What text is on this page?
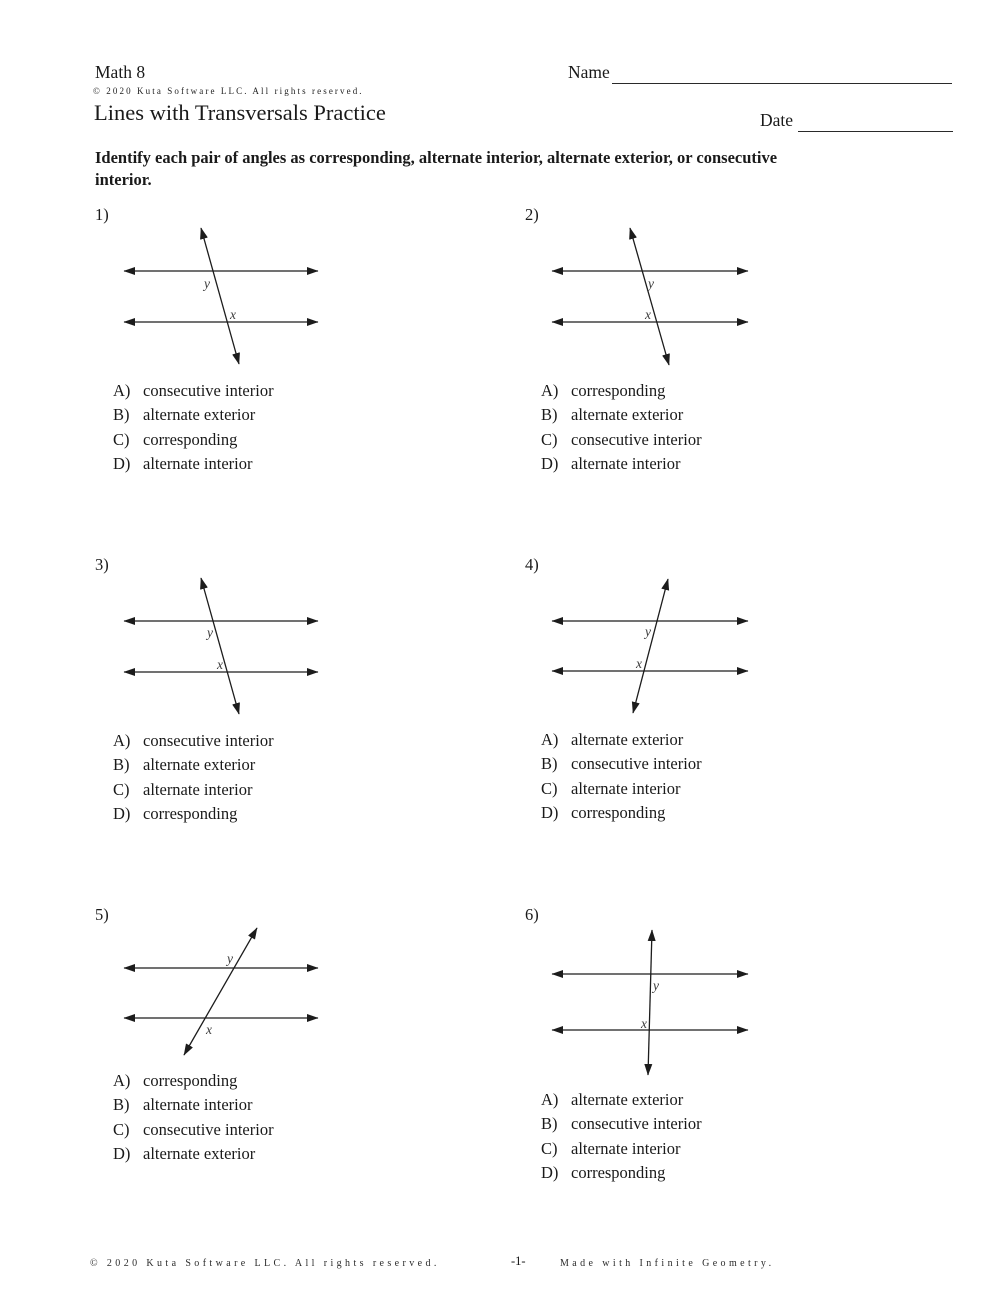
Math 8
© 2020 Kuta Software LLC. All rights reserved.
Name
Lines with Transversals Practice	Date
Identify each pair of angles as corresponding, alternate interior, alternate exterior, or consecutive interior.
1)
y
x
A) consecutive interior
B) alternate exterior
C) corresponding
D) alternate interior
2)
y
x
A) corresponding
B) alternate exterior
C) consecutive interior
D) alternate interior
3)
y
x
A) consecutive interior
B) alternate exterior
C) alternate interior
D) corresponding
4)
y
x
A) alternate exterior
B) consecutive interior
C) alternate interior
D) corresponding
5)
y
x
A) corresponding
B) alternate interior
C) consecutive interior
D) alternate exterior
6)
y
x
A) alternate exterior
B) consecutive interior
C) alternate interior
D) corresponding
© 2020 Kuta Software LLC. All rights reserved.	-1-	Made with Infinite Geometry.
